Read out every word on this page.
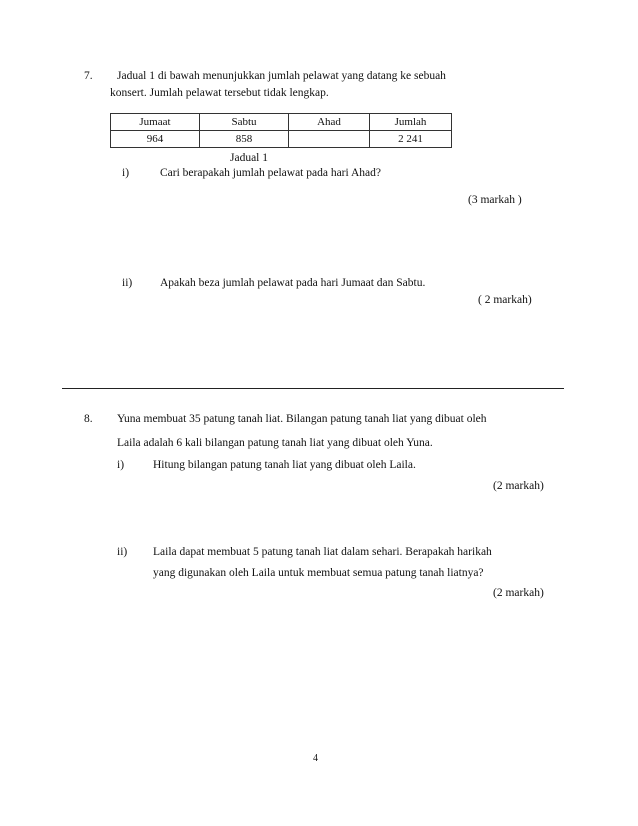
7. Jadual 1 di bawah menunjukkan jumlah pelawat yang datang ke sebuah
konsert. Jumlah pelawat tersebut tidak lengkap.
Jumaat	Sabtu	Ahad	Jumlah
964	858		2 241
Jadual 1
i)	Cari berapakah jumlah pelawat pada hari Ahad?
(3 markah )
ii) Apakah beza jumlah pelawat pada hari Jumaat dan Sabtu.
( 2 markah)
8. Yuna membuat 35 patung tanah liat. Bilangan patung tanah liat yang dibuat oleh
Laila adalah 6 kali bilangan patung tanah liat yang dibuat oleh Yuna.
i)	Hitung bilangan patung tanah liat yang dibuat oleh Laila.
(2 markah)
ii) Laila dapat membuat 5 patung tanah liat dalam sehari. Berapakah harikah
yang digunakan oleh Laila untuk membuat semua patung tanah liatnya?
(2 markah)
4
